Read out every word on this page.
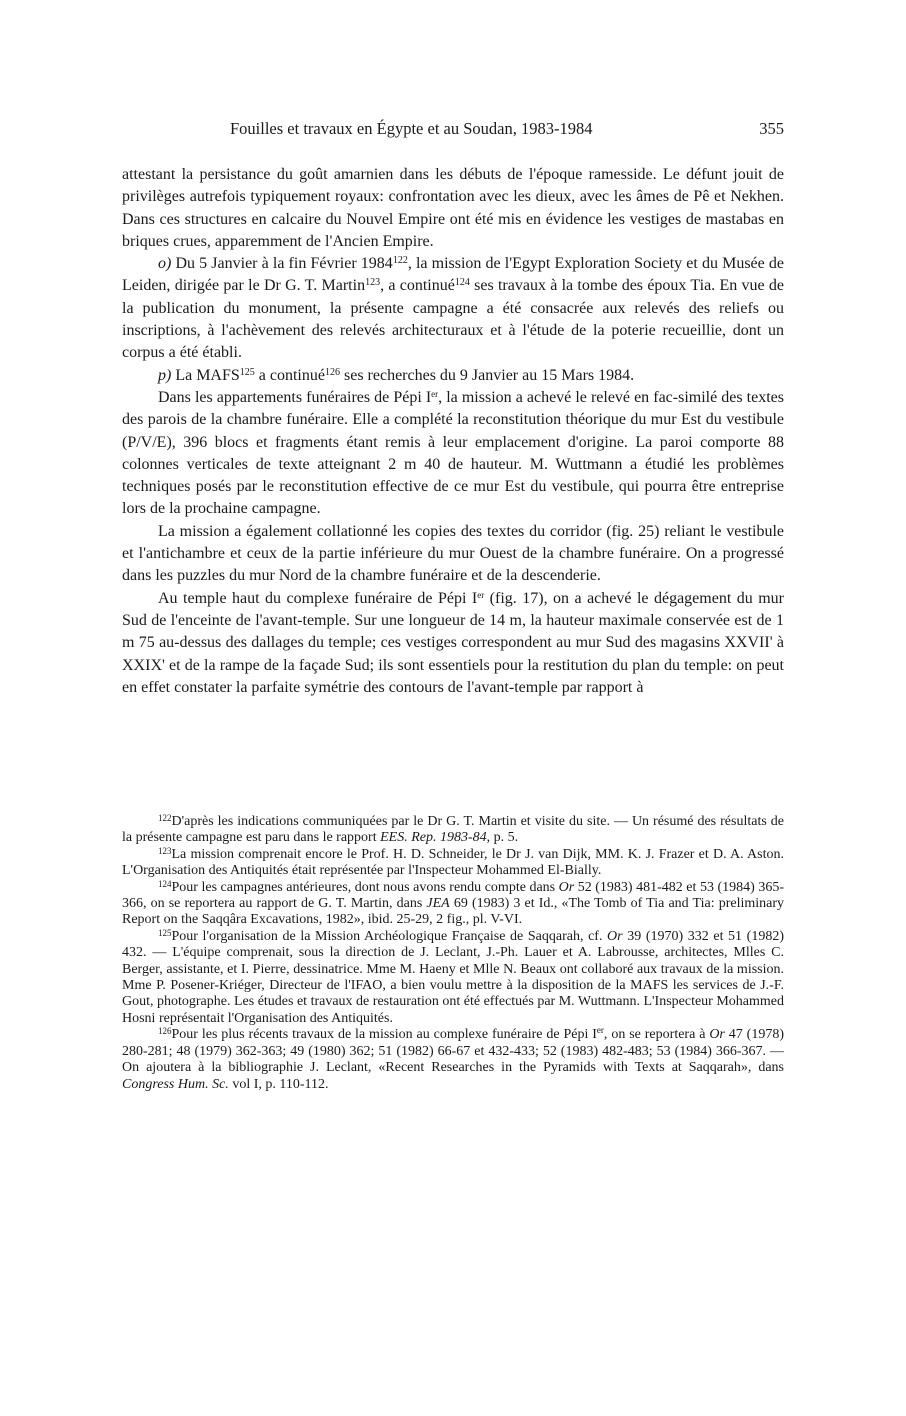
Fouilles et travaux en Égypte et au Soudan, 1983-1984	355

attestant la persistance du goût amarnien dans les débuts de l'époque ramesside. Le défunt jouit de privilèges autrefois typiquement royaux: confrontation avec les dieux, avec les âmes de Pê et Nekhen. Dans ces structures en calcaire du Nouvel Empire ont été mis en évidence les vestiges de mastabas en briques crues, apparemment de l'Ancien Empire.

o) Du 5 Janvier à la fin Février 1984$^{122}$, la mission de l'Egypt Exploration Society et du Musée de Leiden, dirigée par le Dr G. T. Martin$^{123}$, a continué$^{124}$ ses travaux à la tombe des époux Tia. En vue de la publication du monument, la présente campagne a été consacrée aux relevés des reliefs ou inscriptions, à l'achèvement des relevés architecturaux et à l'étude de la poterie recueillie, dont un corpus a été établi.

p) La MAFS$^{125}$ a continué$^{126}$ ses recherches du 9 Janvier au 15 Mars 1984.

Dans les appartements funéraires de Pépi Ier, la mission a achevé le relevé en fac-similé des textes des parois de la chambre funéraire. Elle a complété la reconstitution théorique du mur Est du vestibule (P/V/E), 396 blocs et fragments étant remis à leur emplacement d'origine. La paroi comporte 88 colonnes verticales de texte atteignant 2 m 40 de hauteur. M. Wuttmann a étudié les problèmes techniques posés par le reconstitution effective de ce mur Est du vestibule, qui pourra être entreprise lors de la prochaine campagne.

La mission a également collationné les copies des textes du corridor (fig. 25) reliant le vestibule et l'antichambre et ceux de la partie inférieure du mur Ouest de la chambre funéraire. On a progressé dans les puzzles du mur Nord de la chambre funéraire et de la descenderie.

Au temple haut du complexe funéraire de Pépi Ier (fig. 17), on a achevé le dégagement du mur Sud de l'enceinte de l'avant-temple. Sur une longueur de 14 m, la hauteur maximale conservée est de 1 m 75 au-dessus des dallages du temple; ces vestiges correspondent au mur Sud des magasins XXVII' à XXIX' et de la rampe de la façade Sud; ils sont essentiels pour la restitution du plan du temple: on peut en effet constater la parfaite symétrie des contours de l'avant-temple par rapport à

$^{122}$D'après les indications communiquées par le Dr G. T. Martin et visite du site. — Un résumé des résultats de la présente campagne est paru dans le rapport EES. Rep. 1983-84, p. 5.

$^{123}$La mission comprenait encore le Prof. H. D. Schneider, le Dr J. van Dijk, MM. K. J. Frazer et D. A. Aston. L'Organisation des Antiquités était représentée par l'Inspecteur Mohammed El-Bially.

$^{124}$Pour les campagnes antérieures, dont nous avons rendu compte dans Or 52 (1983) 481-482 et 53 (1984) 365-366, on se reportera au rapport de G. T. Martin, dans JEA 69 (1983) 3 et Id., «The Tomb of Tia and Tia: preliminary Report on the Saqqâra Excavations, 1982», ibid. 25-29, 2 fig., pl. V-VI.

$^{125}$Pour l'organisation de la Mission Archéologique Française de Saqqarah, cf. Or 39 (1970) 332 et 51 (1982) 432. — L'équipe comprenait, sous la direction de J. Leclant, J.-Ph. Lauer et A. Labrousse, architectes, Mlles C. Berger, assistante, et I. Pierre, dessinatrice. Mme M. Haeny et Mlle N. Beaux ont collaboré aux travaux de la mission. Mme P. Posener-Kriéger, Directeur de l'IFAO, a bien voulu mettre à la disposition de la MAFS les services de J.-F. Gout, photographe. Les études et travaux de restauration ont été effectués par M. Wuttmann. L'Inspecteur Mohammed Hosni représentait l'Organisation des Antiquités.

$^{126}$Pour les plus récents travaux de la mission au complexe funéraire de Pépi Ier, on se reportera à Or 47 (1978) 280-281; 48 (1979) 362-363; 49 (1980) 362; 51 (1982) 66-67 et 432-433; 52 (1983) 482-483; 53 (1984) 366-367. — On ajoutera à la bibliographie J. Leclant, «Recent Researches in the Pyramids with Texts at Saqqarah», dans Congress Hum. Sc. vol I, p. 110-112.
